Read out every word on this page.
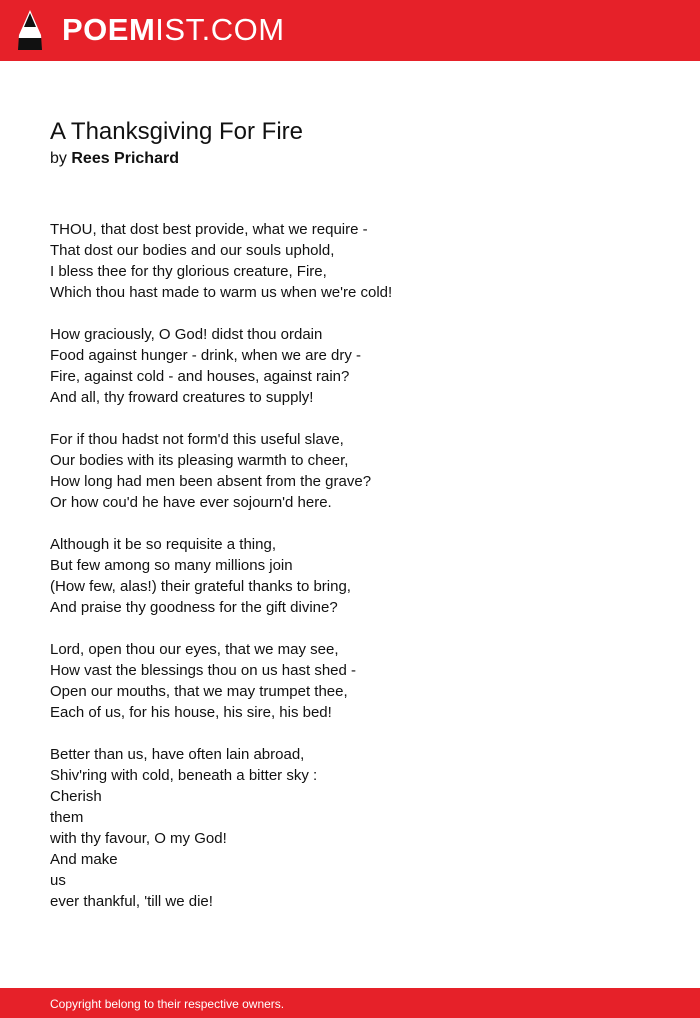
POEMIST.COM
A Thanksgiving For Fire
by Rees Prichard
THOU, that dost best provide, what we require -
That dost our bodies and our souls uphold,
I bless thee for thy glorious creature, Fire,
Which thou hast made to warm us when we're cold!
How graciously, O God! didst thou ordain
Food against hunger - drink, when we are dry -
Fire, against cold - and houses, against rain?
And all, thy froward creatures to supply!
For if thou hadst not form'd this useful slave,
Our bodies with its pleasing warmth to cheer,
How long had men been absent from the grave?
Or how cou'd he have ever sojourn'd here.
Although it be so requisite a thing,
But few among so many millions join
(How few, alas!) their grateful thanks to bring,
And praise thy goodness for the gift divine?
Lord, open thou our eyes, that we may see,
How vast the blessings thou on us hast shed -
Open our mouths, that we may trumpet thee,
Each of us, for his house, his sire, his bed!
Better than us, have often lain abroad,
Shiv'ring with cold, beneath a bitter sky :
Cherish
them
with thy favour, O my God!
And make
us
ever thankful, 'till we die!
Copyright belong to their respective owners.
